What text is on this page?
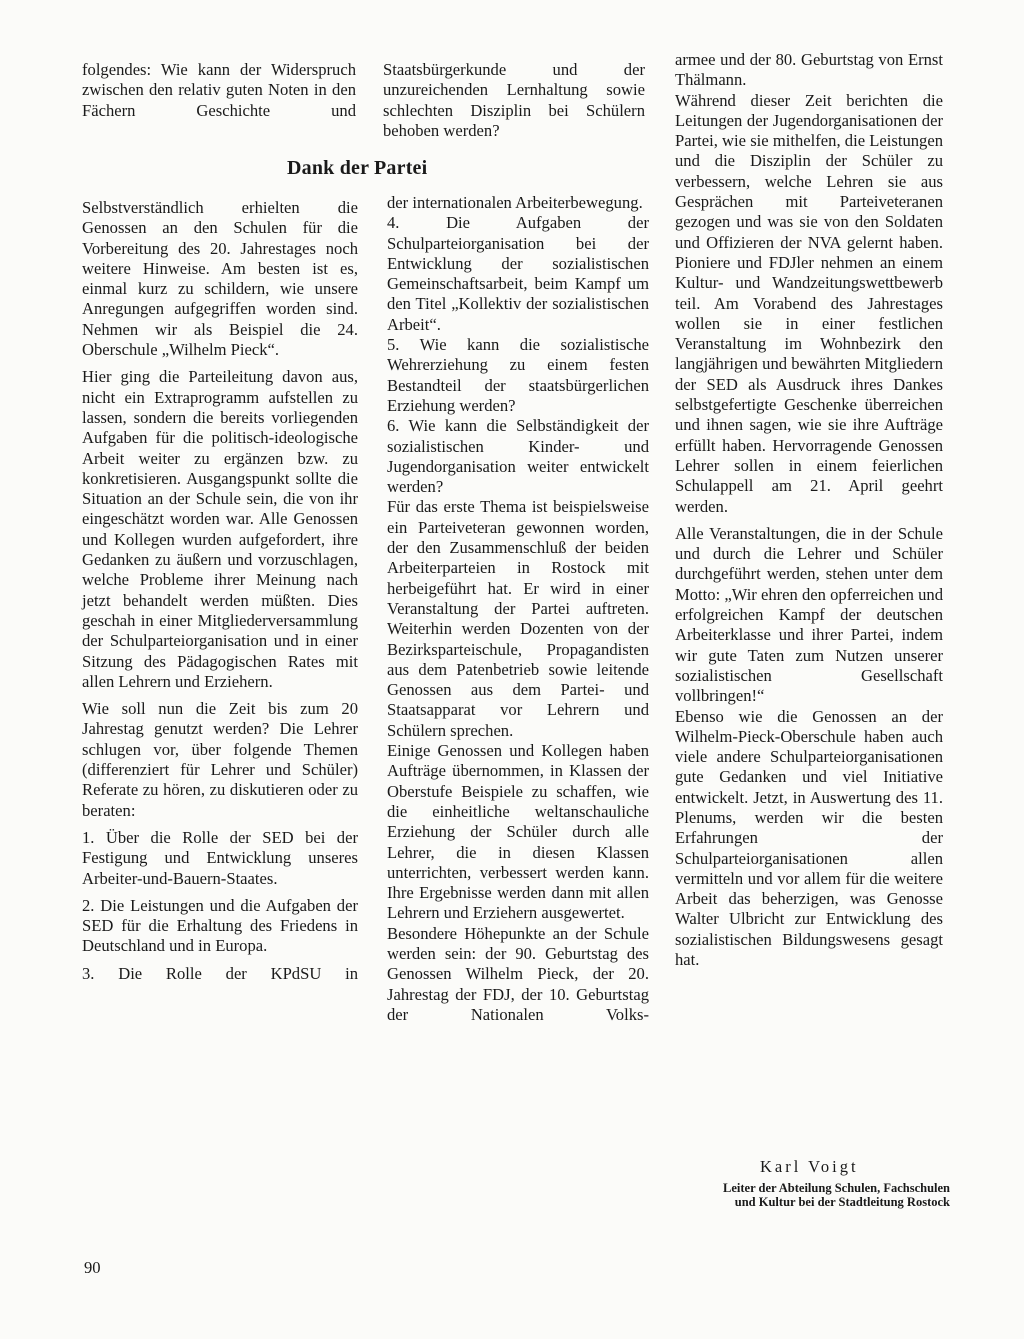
folgendes: Wie kann der Widerspruch zwischen den relativ guten Noten in den Fächern Geschichte und

Staatsbürgerkunde und der unzureichenden Lernhaltung sowie schlechten Disziplin bei Schülern behoben werden?

Dank der Partei

Selbstverständlich erhielten die Genossen an den Schulen für die Vorbereitung des 20. Jahrestages noch weitere Hinweise. Am besten ist es, einmal kurz zu schildern, wie unsere Anregungen aufgegriffen worden sind. Nehmen wir als Beispiel die 24. Oberschule „Wilhelm Pieck“.

Hier ging die Parteileitung davon aus, nicht ein Extraprogramm aufstellen zu lassen, sondern die bereits vorliegenden Aufgaben für die politisch-ideologische Arbeit weiter zu ergänzen bzw. zu konkretisieren. Ausgangspunkt sollte die Situation an der Schule sein, die von ihr eingeschätzt worden war. Alle Genossen und Kollegen wurden aufgefordert, ihre Gedanken zu äußern und vorzuschlagen, welche Probleme ihrer Meinung nach jetzt behandelt werden müßten. Dies geschah in einer Mitgliederversammlung der Schulparteiorganisation und in einer Sitzung des Pädagogischen Rates mit allen Lehrern und Erziehern.

Wie soll nun die Zeit bis zum 20 Jahrestag genutzt werden? Die Lehrer schlugen vor, über folgende Themen (differenziert für Lehrer und Schüler) Referate zu hören, zu diskutieren oder zu beraten:

1. Über die Rolle der SED bei der Festigung und Entwicklung unseres Arbeiter-und-Bauern-Staates.

2. Die Leistungen und die Aufgaben der SED für die Erhaltung des Friedens in Deutschland und in Europa.

3. Die Rolle der KPdSU in

der internationalen Arbeiterbewegung.

4. Die Aufgaben der Schulparteiorganisation bei der Entwicklung der sozialistischen Gemeinschaftsarbeit, beim Kampf um den Titel „Kollektiv der sozialistischen Arbeit“.

5. Wie kann die sozialistische Wehrerziehung zu einem festen Bestandteil der staatsbürgerlichen Erziehung werden?

6. Wie kann die Selbständigkeit der sozialistischen Kinder- und Jugendorganisation weiter entwickelt werden?

Für das erste Thema ist beispielsweise ein Parteiveteran gewonnen worden, der den Zusammenschluß der beiden Arbeiterparteien in Rostock mit herbeigeführt hat. Er wird in einer Veranstaltung der Partei auftreten. Weiterhin werden Dozenten von der Bezirksparteischule, Propagandisten aus dem Patenbetrieb sowie leitende Genossen aus dem Partei- und Staatsapparat vor Lehrern und Schülern sprechen.

Einige Genossen und Kollegen haben Aufträge übernommen, in Klassen der Oberstufe Beispiele zu schaffen, wie die einheitliche weltanschauliche Erziehung der Schüler durch alle Lehrer, die in diesen Klassen unterrichten, verbessert werden kann. Ihre Ergebnisse werden dann mit allen Lehrern und Erziehern ausgewertet.

Besondere Höhepunkte an der Schule werden sein: der 90. Geburtstag des Genossen Wilhelm Pieck, der 20. Jahrestag der FDJ, der 10. Geburtstag der Nationalen Volks-

armee und der 80. Geburtstag von Ernst Thälmann.

Während dieser Zeit berichten die Leitungen der Jugendorganisationen der Partei, wie sie mithelfen, die Leistungen und die Disziplin der Schüler zu verbessern, welche Lehren sie aus Gesprächen mit Parteiveteranen gezogen und was sie von den Soldaten und Offizieren der NVA gelernt haben. Pioniere und FDJler nehmen an einem Kultur- und Wandzeitungswettbewerb teil. Am Vorabend des Jahrestages wollen sie in einer festlichen Veranstaltung im Wohnbezirk den langjährigen und bewährten Mitgliedern der SED als Ausdruck ihres Dankes selbstgefertigte Geschenke überreichen und ihnen sagen, wie sie ihre Aufträge erfüllt haben. Hervorragende Genossen Lehrer sollen in einem feierlichen Schulappell am 21. April geehrt werden.

Alle Veranstaltungen, die in der Schule und durch die Lehrer und Schüler durchgeführt werden, stehen unter dem Motto: „Wir ehren den opferreichen und erfolgreichen Kampf der deutschen Arbeiterklasse und ihrer Partei, indem wir gute Taten zum Nutzen unserer sozialistischen Gesellschaft vollbringen!“

Ebenso wie die Genossen an der Wilhelm-Pieck-Oberschule haben auch viele andere Schulparteiorganisationen gute Gedanken und viel Initiative entwickelt. Jetzt, in Auswertung des 11. Plenums, werden wir die besten Erfahrungen der Schulparteiorganisationen allen vermitteln und vor allem für die weitere Arbeit das beherzigen, was Genosse Walter Ulbricht zur Entwicklung des sozialistischen Bildungswesens gesagt hat.

Karl Voigt
Leiter der Abteilung Schulen, Fachschulen und Kultur bei der Stadtleitung Rostock
90
